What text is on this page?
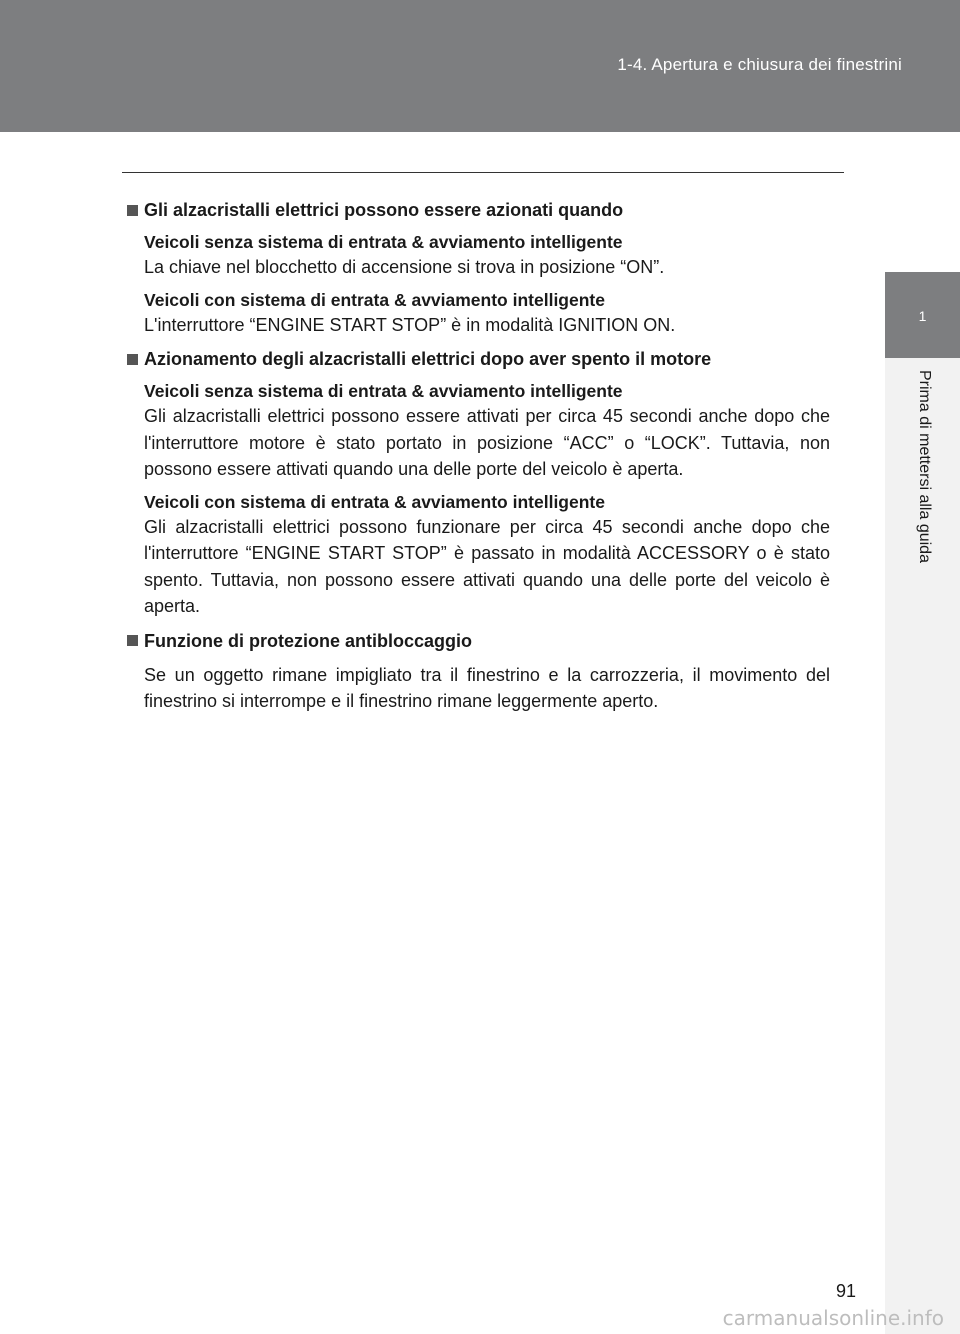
1-4. Apertura e chiusura dei finestrini
1
Prima di mettersi alla guida
Gli alzacristalli elettrici possono essere azionati quando
Veicoli senza sistema di entrata & avviamento intelligente
La chiave nel blocchetto di accensione si trova in posizione “ON”.
Veicoli con sistema di entrata & avviamento intelligente
L'interruttore “ENGINE START STOP” è in modalità IGNITION ON.
Azionamento degli alzacristalli elettrici dopo aver spento il motore
Veicoli senza sistema di entrata & avviamento intelligente
Gli alzacristalli elettrici possono essere attivati per circa 45 secondi anche dopo che l'interruttore motore è stato portato in posizione “ACC” o “LOCK”. Tuttavia, non possono essere attivati quando una delle porte del veicolo è aperta.
Veicoli con sistema di entrata & avviamento intelligente
Gli alzacristalli elettrici possono funzionare per circa 45 secondi anche dopo che l'interruttore “ENGINE START STOP” è passato in modalità ACCESSORY o è stato spento. Tuttavia, non possono essere attivati quando una delle porte del veicolo è aperta.
Funzione di protezione antibloccaggio
Se un oggetto rimane impigliato tra il finestrino e la carrozzeria, il movimento del finestrino si interrompe e il finestrino rimane leggermente aperto.
91
carmanualsonline.info
